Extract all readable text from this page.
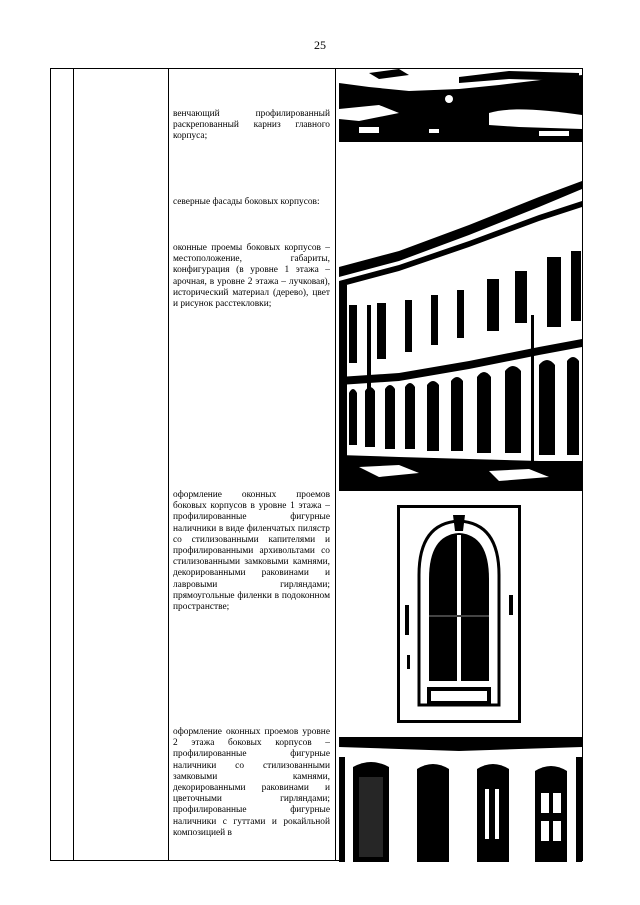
25
венчающий профилированный раскрепованный карниз главного корпуса;
северные фасады боковых корпусов:
оконные проемы боковых корпусов – местоположение, габариты, конфигурация (в уровне 1 этажа – арочная, в уровне 2 этажа – лучковая), исторический материал (дерево), цвет и рисунок расстекловки;
оформление оконных проемов боковых корпусов в уровне 1 этажа – профилированные фигурные наличники в виде филенчатых пилястр со стилизованными капителями и профилированными архивольтами со стилизованными замковыми камнями, декорированными раковинами и лавровыми гирляндами; прямоугольные филенки в подоконном пространстве;
оформление оконных проемов уровне 2 этажа боковых корпусов – профилированные фигурные наличники со стилизованными замковыми камнями, декорированными раковинами и цветочными гирляндами; профилированные фигурные наличники с гуттами и рокайльной композицией в
